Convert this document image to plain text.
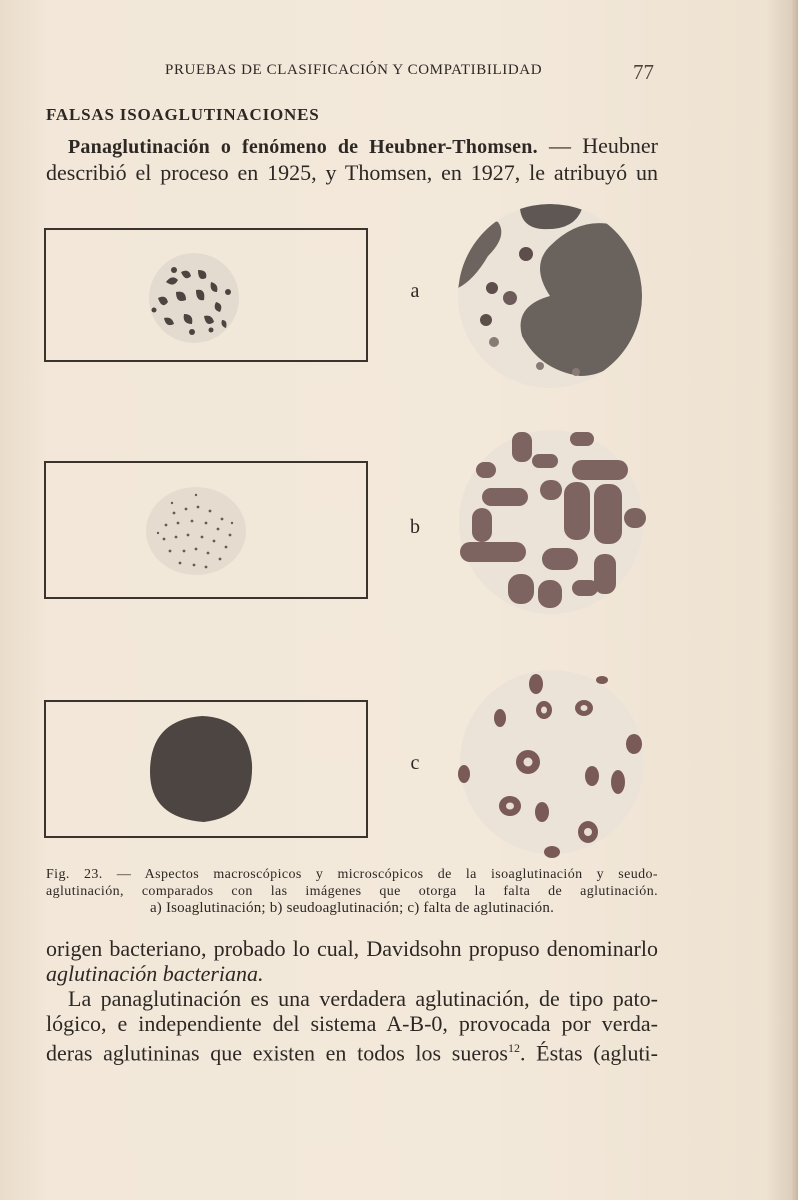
PRUEBAS DE CLASIFICACIÓN Y COMPATIBILIDAD	77
FALSAS ISOAGLUTINACIONES
Panaglutinación o fenómeno de Heubner-Thomsen. — Heubner
describió el proceso en 1925, y Thomsen, en 1927, le atribuyó un
a
b
c
Fig. 23. — Aspectos macroscópicos y microscópicos de la isoaglutinación y seudo-
aglutinación, comparados con las imágenes que otorga la falta de aglutinación.
a) Isoaglutinación; b) seudoaglutinación; c) falta de aglutinación.
origen bacteriano, probado lo cual, Davidsohn propuso denominarlo
aglutinación bacteriana.
La panaglutinación es una verdadera aglutinación, de tipo pato-
lógico, e independiente del sistema A-B-0, provocada por verda-
deras aglutininas que existen en todos los sueros$^{12}$. Éstas (agluti-
